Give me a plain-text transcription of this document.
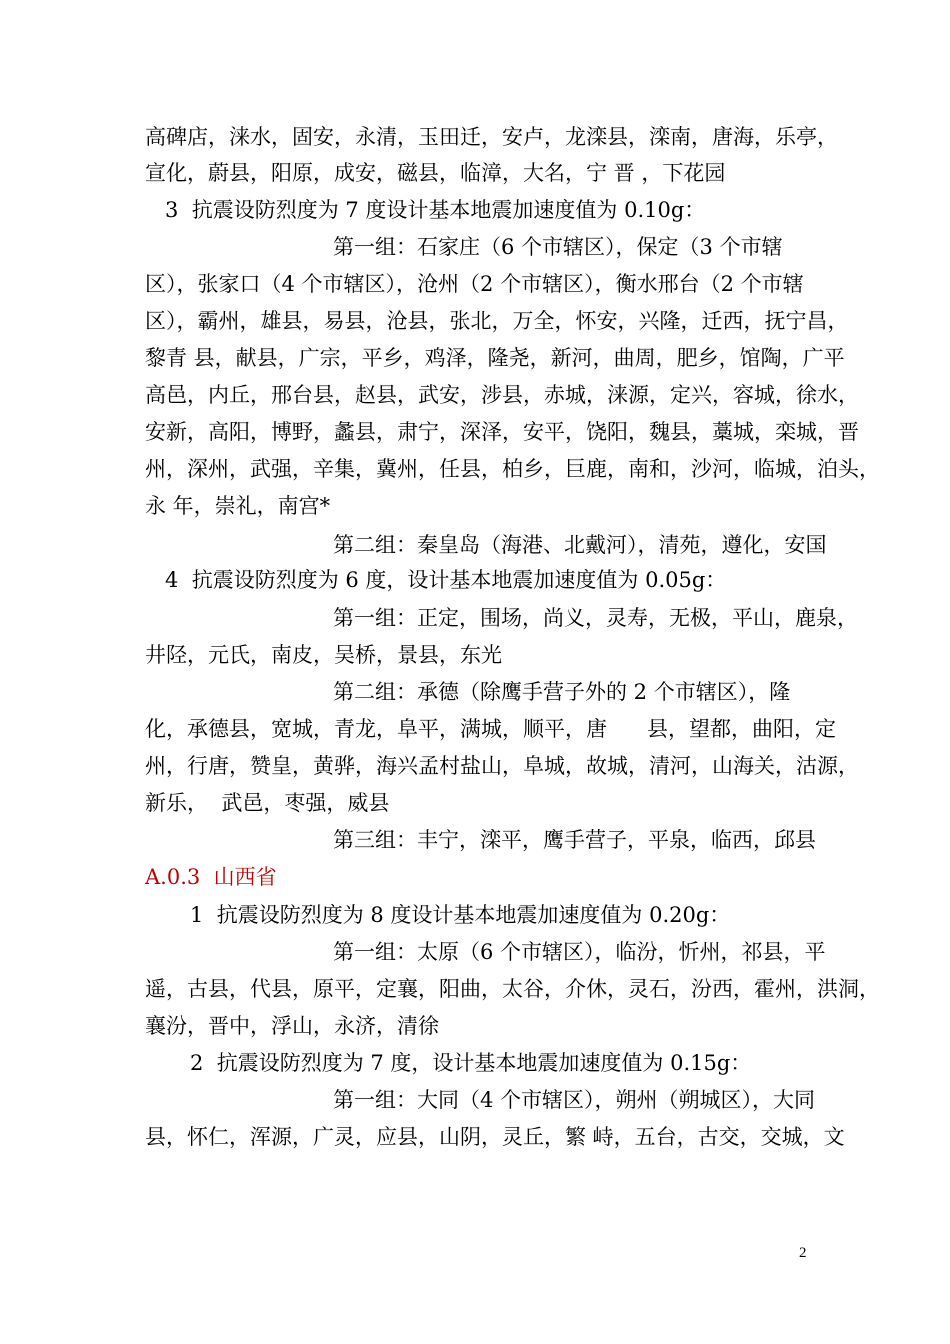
高碑店，涞水，固安，永清，玉田迁，安卢，龙滦县，滦南，唐海，乐亭，
宣化，蔚县，阳原，成安，磁县，临漳，大名，宁 晋 ，下花园
3  抗震设防烈度为 7 度设计基本地震加速度值为 0.10g：
第一组：石家庄（6 个市辖区），保定（3 个市辖
区），张家口（4 个市辖区），沧州（2 个市辖区），衡水邢台（2 个市辖
区），霸州，雄县，易县，沧县，张北，万全，怀安，兴隆，迁西，抚宁昌，
黎青 县，献县，广宗，平乡，鸡泽，隆尧，新河，曲周，肥乡，馆陶，广平
高邑，内丘，邢台县，赵县，武安，涉县，赤城，涞源，定兴，容城，徐水，
安新，高阳，博野，蠡县，肃宁，深泽，安平，饶阳，魏县，藁城，栾城，晋
州，深州，武强，辛集，冀州，任县，柏乡，巨鹿，南和，沙河，临城，泊头，
永 年，崇礼，南宫*
第二组：秦皇岛（海港、北戴河），清苑，遵化，安国
4  抗震设防烈度为 6 度，设计基本地震加速度值为 0.05g：
第一组：正定，围场，尚义，灵寿，无极，平山，鹿泉，
井陉，元氏，南皮，吴桥，景县，东光
第二组：承德（除鹰手营子外的 2 个市辖区），隆
化，承德县，宽城，青龙，阜平，满城，顺平，唐      县，望都，曲阳，定
州，行唐，赞皇，黄骅，海兴孟村盐山，阜城，故城，清河，山海关，沽源，
新乐，  武邑，枣强，威县
第三组：丰宁，滦平，鹰手营子，平泉，临西，邱县
A.0.3  山西省
1  抗震设防烈度为 8 度设计基本地震加速度值为 0.20g：
第一组：太原（6 个市辖区），临汾，忻州，祁县，平
遥，古县，代县，原平，定襄，阳曲，太谷，介休，灵石，汾西，霍州，洪洞，
襄汾，晋中，浮山，永济，清徐
2  抗震设防烈度为 7 度，设计基本地震加速度值为 0.15g：
第一组：大同（4 个市辖区），朔州（朔城区），大同
县，怀仁，浑源，广灵，应县，山阴，灵丘，繁 峙，五台，古交，交城，文
2
